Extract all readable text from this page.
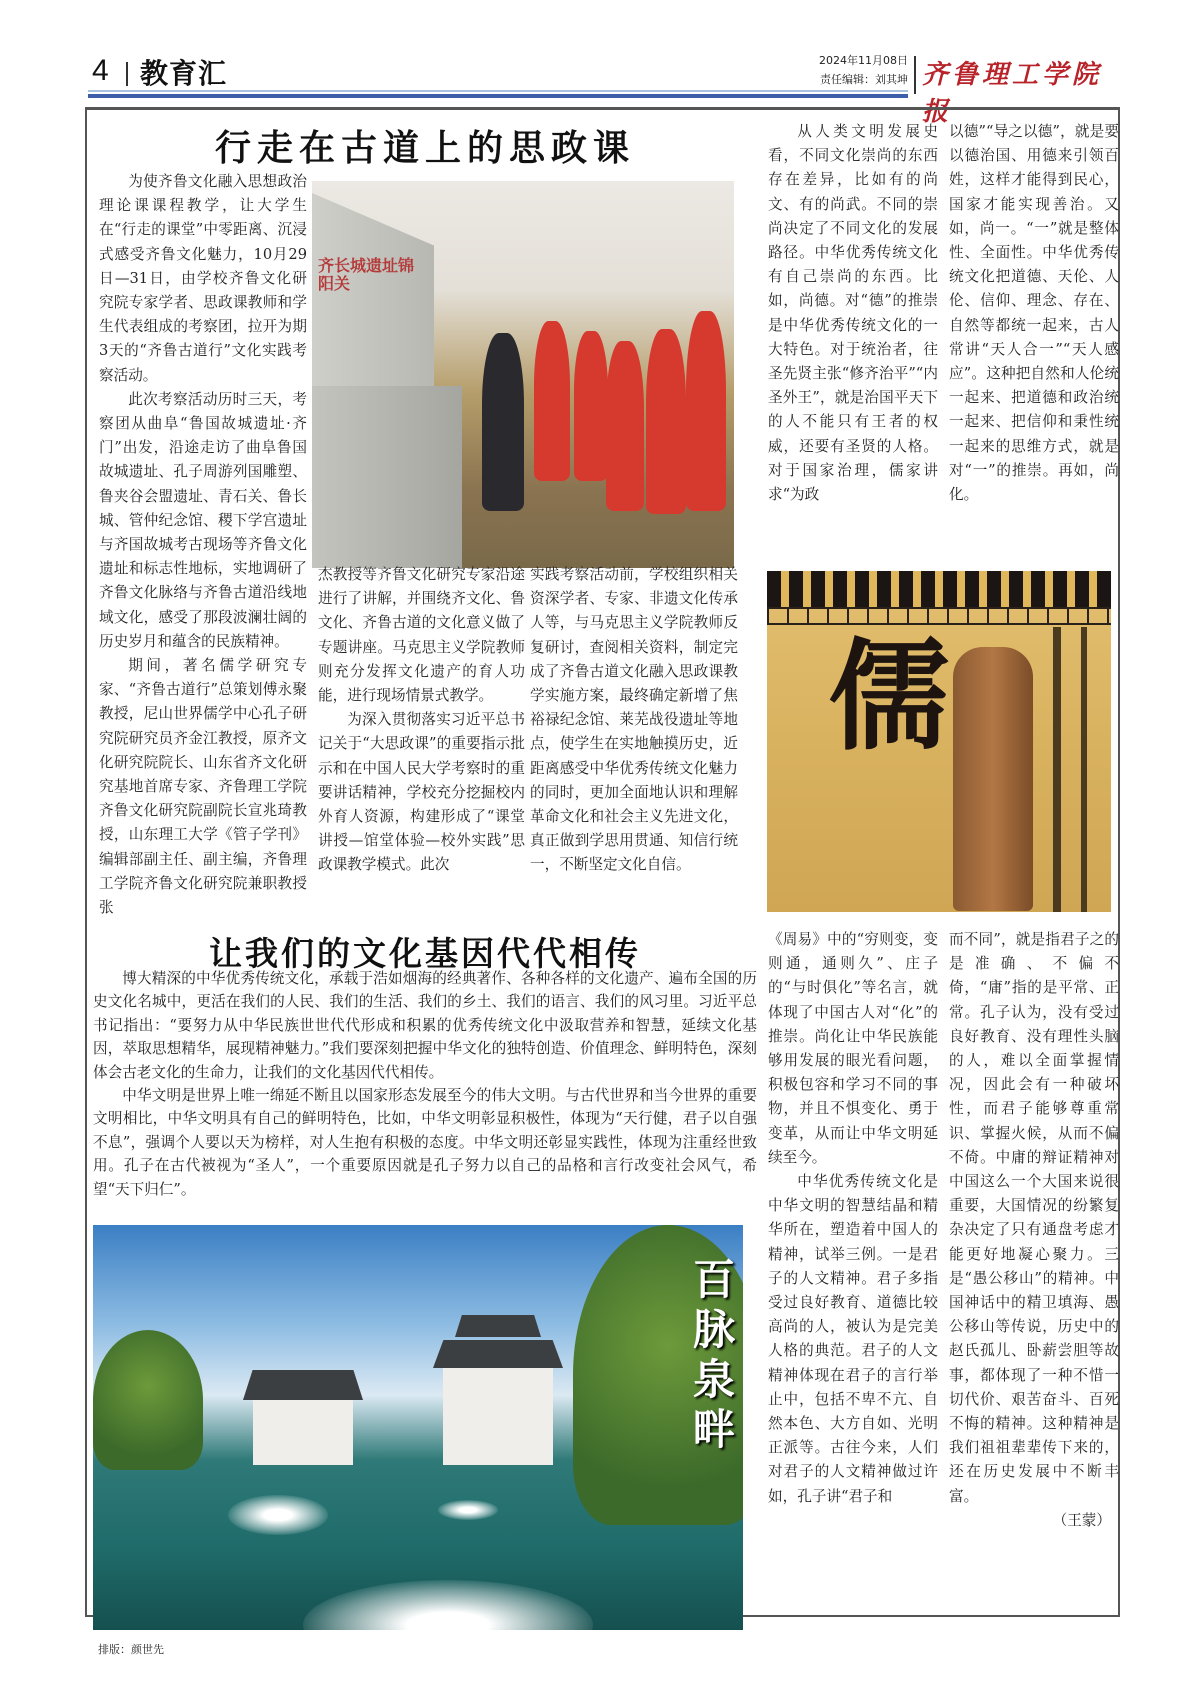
4 教育汇	2024年11月08日
责任编辑：刘其坤 齐鲁理工学院报
行走在古道上的思政课

为使齐鲁文化融入思想政治理论课课程教学，让大学生在“行走的课堂”中零距离、沉浸式感受齐鲁文化魅力，10月29日—31日，由学校齐鲁文化研究院专家学者、思政课教师和学生代表组成的考察团，拉开为期3天的“齐鲁古道行”文化实践考察活动。

此次考察活动历时三天，考察团从曲阜“鲁国故城遗址·齐门”出发，沿途走访了曲阜鲁国故城遗址、孔子周游列国雕塑、鲁夹谷会盟遗址、青石关、鲁长城、管仲纪念馆、稷下学宫遗址与齐国故城考古现场等齐鲁文化遗址和标志性地标，实地调研了齐鲁文化脉络与齐鲁古道沿线地域文化，感受了那段波澜壮阔的历史岁月和蕴含的民族精神。

期间，著名儒学研究专家、“齐鲁古道行”总策划傅永聚教授，尼山世界儒学中心孔子研究院研究员齐金江教授，原齐文化研究院院长、山东省齐文化研究基地首席专家、齐鲁理工学院齐鲁文化研究院副院长宣兆琦教授，山东理工大学《管子学刊》编辑部副主任、副主编，齐鲁理工学院齐鲁文化研究院兼职教授张

齐长城遗址锦阳关

杰教授等齐鲁文化研究专家沿途进行了讲解，并围绕齐文化、鲁文化、齐鲁古道的文化意义做了专题讲座。马克思主义学院教师则充分发挥文化遗产的育人功能，进行现场情景式教学。

为深入贯彻落实习近平总书记关于“大思政课”的重要指示批示和在中国人民大学考察时的重要讲话精神，学校充分挖掘校内外育人资源，构建形成了“课堂讲授—馆堂体验—校外实践”思政课教学模式。此次

实践考察活动前，学校组织相关资深学者、专家、非遗文化传承人等，与马克思主义学院教师反复研讨，查阅相关资料，制定完成了齐鲁古道文化融入思政课教学实施方案，最终确定新增了焦裕禄纪念馆、莱芜战役遗址等地点，使学生在实地触摸历史，近距离感受中华优秀传统文化魅力的同时，更加全面地认识和理解革命文化和社会主义先进文化，真正做到学思用贯通、知信行统一，不断坚定文化自信。

从人类文明发展史看，不同文化崇尚的东西存在差异，比如有的尚文、有的尚武。不同的崇尚决定了不同文化的发展路径。中华优秀传统文化有自己崇尚的东西。比如，尚德。对“德”的推崇是中华优秀传统文化的一大特色。对于统治者，往圣先贤主张“修齐治平”“内圣外王”，就是治国平天下的人不能只有王者的权威，还要有圣贤的人格。对于国家治理，儒家讲求“为政

以德”“导之以德”，就是要以德治国、用德来引领百姓，这样才能得到民心，国家才能实现善治。又如，尚一。“一”就是整体性、全面性。中华优秀传统文化把道德、天伦、人伦、信仰、理念、存在、自然等都统一起来，古人常讲“天人合一”“天人感应”。这种把自然和人伦统一起来、把道德和政治统一起来、把信仰和秉性统一起来的思维方式，就是对“一”的推崇。再如，尚化。

儒
让我们的文化基因代代相传

博大精深的中华优秀传统文化，承载于浩如烟海的经典著作、各种各样的文化遗产、遍布全国的历史文化名城中，更活在我们的人民、我们的生活、我们的乡土、我们的语言、我们的风习里。习近平总书记指出：“要努力从中华民族世世代代形成和积累的优秀传统文化中汲取营养和智慧，延续文化基因，萃取思想精华，展现精神魅力。”我们要深刻把握中华文化的独特创造、价值理念、鲜明特色，深刻体会古老文化的生命力，让我们的文化基因代代相传。

中华文明是世界上唯一绵延不断且以国家形态发展至今的伟大文明。与古代世界和当今世界的重要文明相比，中华文明具有自己的鲜明特色，比如，中华文明彰显积极性，体现为“天行健，君子以自强不息”，强调个人要以天为榜样，对人生抱有积极的态度。中华文明还彰显实践性，体现为注重经世致用。孔子在古代被视为“圣人”，一个重要原因就是孔子努力以自己的品格和言行改变社会风气，希望“天下归仁”。

百脉泉畔

《周易》中的“穷则变，变则通，通则久”、庄子的“与时俱化”等名言，就体现了中国古人对“化”的推崇。尚化让中华民族能够用发展的眼光看问题，积极包容和学习不同的事物，并且不惧变化、勇于变革，从而让中华文明延续至今。

中华优秀传统文化是中华文明的智慧结晶和精华所在，塑造着中国人的精神，试举三例。一是君子的人文精神。君子多指受过良好教育、道德比较高尚的人，被认为是完美人格的典范。君子的人文精神体现在君子的言行举止中，包括不卑不亢、自然本色、大方自如、光明正派等。古往今来，人们对君子的人文精神做过许如，孔子讲“君子和

而不同”，就是指君子之的是准确、不偏不倚，“庸”指的是平常、正常。孔子认为，没有受过良好教育、没有理性头脑的人，难以全面掌握情况，因此会有一种破坏性，而君子能够尊重常识、掌握火候，从而不偏不倚。中庸的辩证精神对中国这么一个大国来说很重要，大国情况的纷繁复杂决定了只有通盘考虑才能更好地凝心聚力。三是“愚公移山”的精神。中国神话中的精卫填海、愚公移山等传说，历史中的赵氏孤儿、卧薪尝胆等故事，都体现了一种不惜一切代价、艰苦奋斗、百死不悔的精神。这种精神是我们祖祖辈辈传下来的，还在历史发展中不断丰富。

（王蒙）

排版：颜世先
